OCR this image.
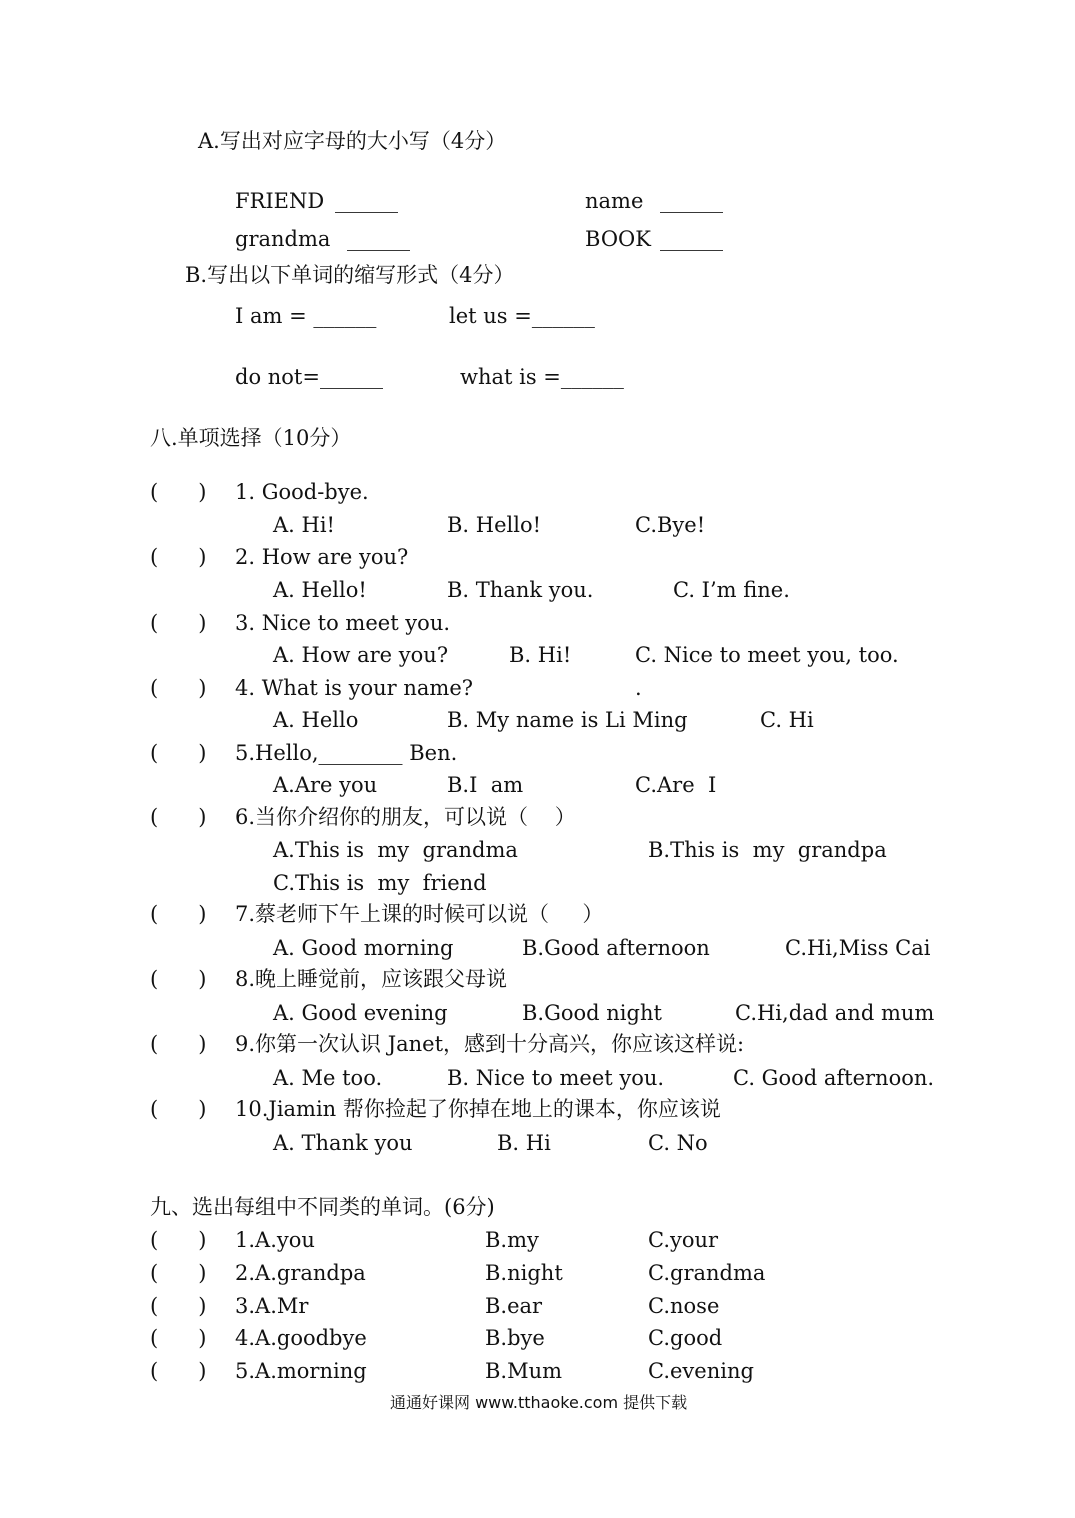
A.写出对应字母的大小写（4分）
FRIEND ______	name ______
grandma ______	BOOK ______
B.写出以下单词的缩写形式（4分）
I am = ______	let us =______
do not=______	what is =______
八.单项选择（10分）
(      ) 1. Good-bye.
A. Hi!	B. Hello!	C.Bye!
(      ) 2. How are you?
A. Hello!	B. Thank you.	C. I’m fine.
(      ) 3. Nice to meet you.
A. How are you?	B. Hi!	C. Nice to meet you, too.
(      ) 4. What is your name?	.
A. Hello	B. My name is Li Ming	C. Hi
(      ) 5.Hello,________ Ben.
A.Are you	B.I  am	C.Are  I
(      ) 6.当你介绍你的朋友，可以说（    ）
A.This is  my  grandma	B.This is  my  grandpa
C.This is  my  friend
(      ) 7.蔡老师下午上课的时候可以说（     ）
A. Good morning	B.Good afternoon	C.Hi,Miss Cai
(      ) 8.晚上睡觉前，应该跟父母说
A. Good evening	B.Good night	C.Hi,dad and mum
(      ) 9.你第一次认识 Janet，感到十分高兴，你应该这样说:
A. Me too.	B. Nice to meet you.	C. Good afternoon.
(      ) 10.Jiamin 帮你捡起了你掉在地上的课本，你应该说
A. Thank you	B. Hi	C. No
九、选出每组中不同类的单词。(6分)
(      ) 1.A.you	B.my	C.your
(      ) 2.A.grandpa	B.night	C.grandma
(      ) 3.A.Mr	B.ear	C.nose
(      ) 4.A.goodbye	B.bye	C.good
(      ) 5.A.morning	B.Mum	C.evening
通通好课网 www.tthaoke.com 提供下载
